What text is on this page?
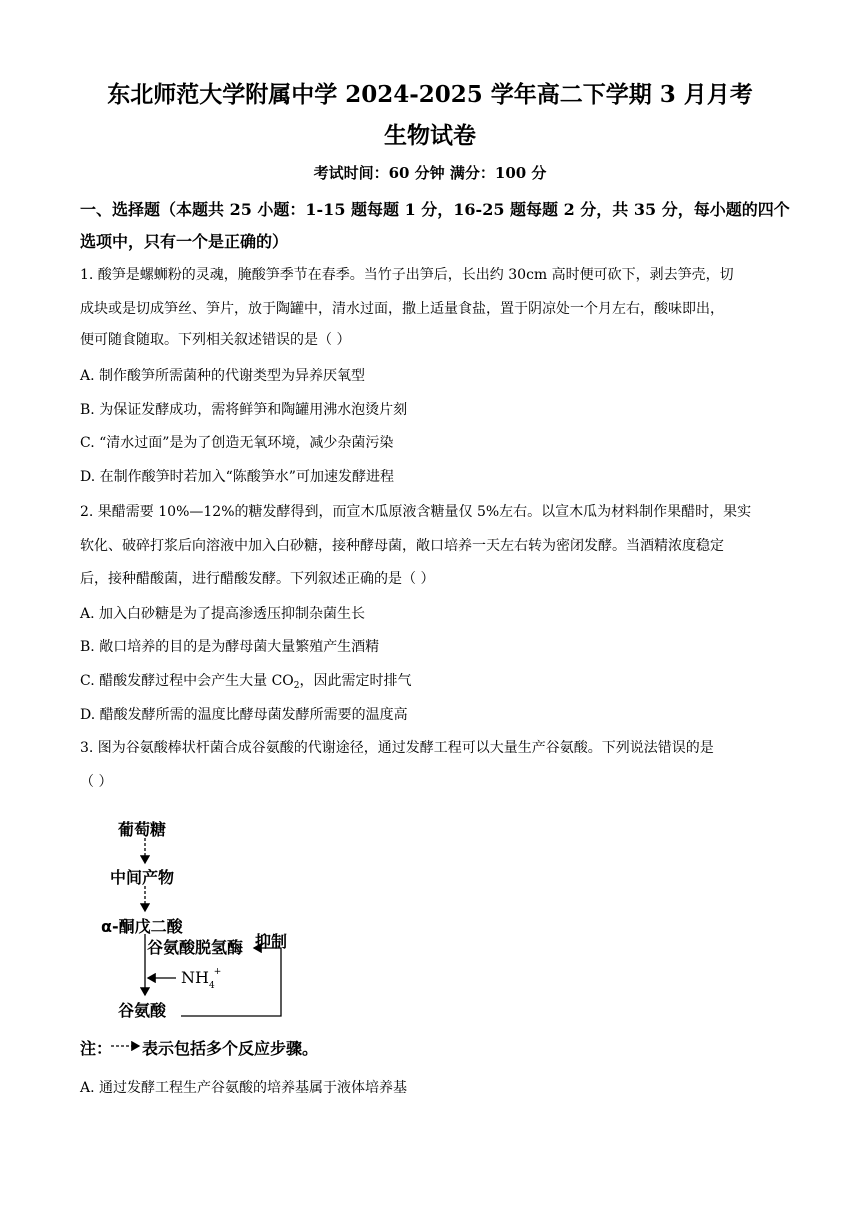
东北师范大学附属中学 2024-2025 学年高二下学期 3 月月考
生物试卷
考试时间：60 分钟 满分：100 分
一、选择题（本题共 25 小题：1-15 题每题 1 分，16-25 题每题 2 分，共 35 分，每小题的四个
选项中，只有一个是正确的）
1. 酸笋是螺蛳粉的灵魂，腌酸笋季节在春季。当竹子出笋后，长出约 30cm 高时便可砍下，剥去笋壳，切
成块或是切成笋丝、笋片，放于陶罐中，清水过面，撒上适量食盐，置于阴凉处一个月左右，酸味即出，
便可随食随取。下列相关叙述错误的是（ ）
A. 制作酸笋所需菌种的代谢类型为异养厌氧型
B. 为保证发酵成功，需将鲜笋和陶罐用沸水泡烫片刻
C. “清水过面”是为了创造无氧环境，减少杂菌污染
D. 在制作酸笋时若加入“陈酸笋水”可加速发酵进程
2. 果醋需要 10%—12%的糖发酵得到，而宣木瓜原液含糖量仅 5%左右。以宣木瓜为材料制作果醋时，果实
软化、破碎打浆后向溶液中加入白砂糖，接种酵母菌，敞口培养一天左右转为密闭发酵。当酒精浓度稳定
后，接种醋酸菌，进行醋酸发酵。下列叙述正确的是（ ）
A. 加入白砂糖是为了提高渗透压抑制杂菌生长
B. 敞口培养的目的是为酵母菌大量繁殖产生酒精
C. 醋酸发酵过程中会产生大量 $CO_2$，因此需定时排气
D. 醋酸发酵所需的温度比酵母菌发酵所需要的温度高
3. 图为谷氨酸棒状杆菌合成谷氨酸的代谢途径，通过发酵工程可以大量生产谷氨酸。下列说法错误的是
（ ）
葡萄糖
中间产物
α-酮戊二酸
谷氨酸脱氢酶 抑制
$NH_4^+$
谷氨酸
注： 表示包括多个反应步骤。
A. 通过发酵工程生产谷氨酸的培养基属于液体培养基
